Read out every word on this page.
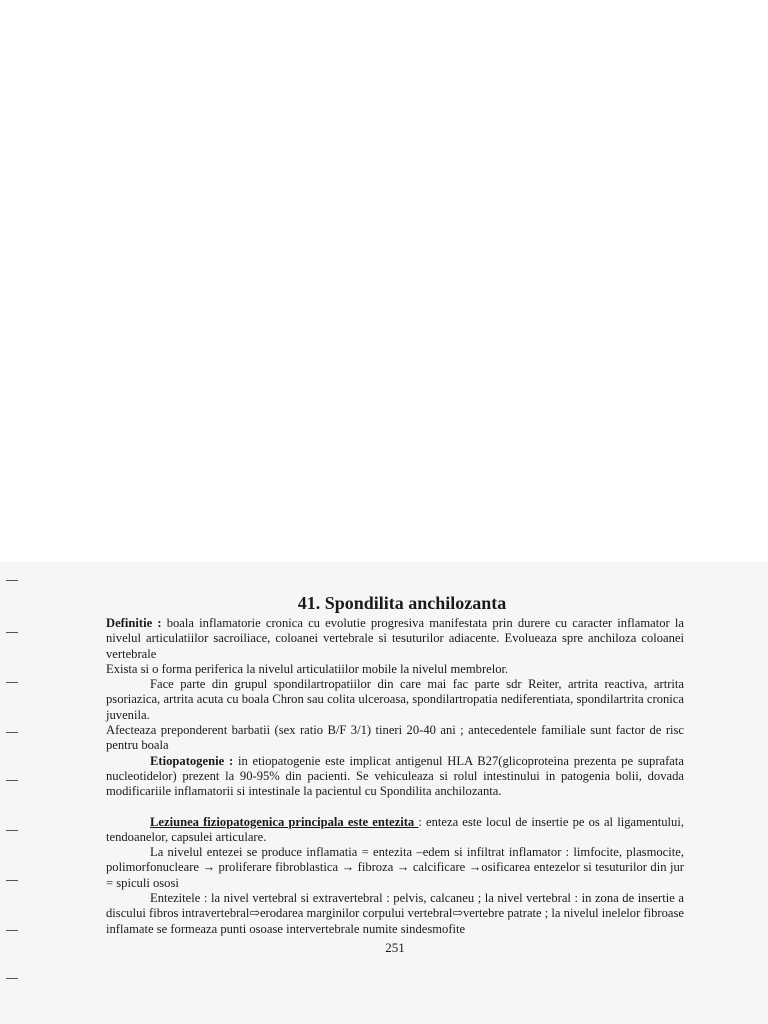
41. Spondilita anchilozanta

Definitie : boala inflamatorie cronica cu evolutie progresiva manifestata prin durere cu caracter inflamator la nivelul articulatiilor sacroiliace, coloanei vertebrale si tesuturilor adiacente. Evolueaza spre anchiloza coloanei vertebrale

Exista si o forma periferica la nivelul articulatiilor mobile la nivelul membrelor.

Face parte din grupul spondilartropatiilor din care mai fac parte sdr Reiter, artrita reactiva, artrita psoriazica, artrita acuta cu boala Chron sau colita ulceroasa, spondilartropatia nediferentiata, spondilartrita cronica juvenila.

Afecteaza preponderent barbatii (sex ratio B/F 3/1) tineri 20-40 ani ; antecedentele familiale sunt factor de risc pentru boala

Etiopatogenie : in etiopatogenie este implicat antigenul HLA B27(glicoproteina prezenta pe suprafata nucleotidelor) prezent la 90-95% din pacienti. Se vehiculeaza si rolul intestinului in patogenia bolii, dovada modificariile inflamatorii si intestinale la pacientul cu Spondilita anchilozanta.

Leziunea fiziopatogenica principala este entezita : enteza este locul de insertie pe os al ligamentului, tendoanelor, capsulei articulare.

La nivelul entezei se produce inflamatia = entezita –edem si infiltrat inflamator : limfocite, plasmocite, polimorfonucleare → proliferare fibroblastica → fibroza → calcificare →osificarea entezelor si tesuturilor din jur = spiculi ososi

Entezitele : la nivel vertebral si extravertebral : pelvis, calcaneu ; la nivel vertebral : in zona de insertie a discului fibros intravertebral⇨erodarea marginilor corpului vertebral⇨vertebre patrate ; la nivelul inelelor fibroase inflamate se formeaza punti osoase intervertebrale numite sindesmofite

251
